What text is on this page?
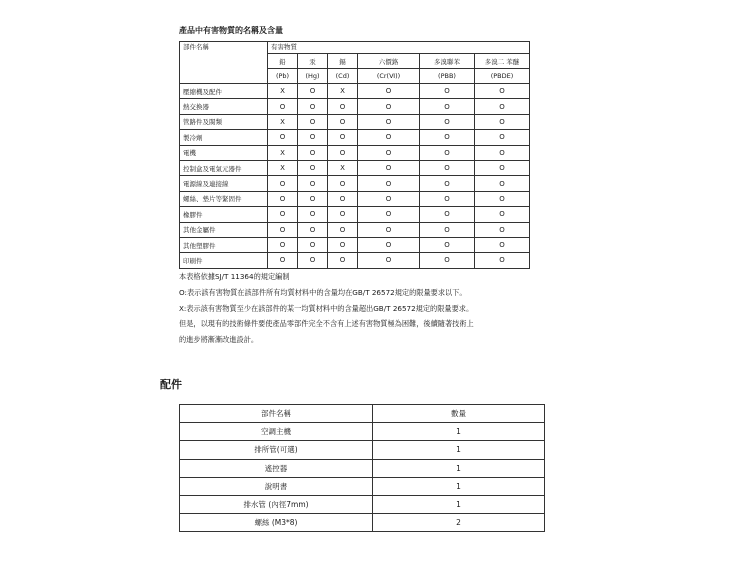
產品中有害物質的名稱及含量
部件名稱	有害物質					
	鉛	汞	鎘	六價鉻	多溴聯苯	多溴二 苯醚
	(Pb)	(Hg)	(Cd)	(Cr(Ⅵ))	(PBB)	(PBDE)
壓縮機及配件	X	O	X	O	O	O
熱交換器	O	O	O	O	O	O
管路件及閥類	X	O	O	O	O	O
製冷劑	O	O	O	O	O	O
電機	X	O	O	O	O	O
控制盒及電氣元器件	X	O	X	O	O	O
電源線及連接線	O	O	O	O	O	O
螺絲、墊片等緊固件	O	O	O	O	O	O
橡膠件	O	O	O	O	O	O
其他金屬件	O	O	O	O	O	O
其他塑膠件	O	O	O	O	O	O
印刷件	O	O	O	O	O	O
本表格依據SJ/T 11364的規定編制
O:表示該有害物質在該部件所有均質材料中的含量均在GB/T 26572規定的限量要求以下。
X:表示該有害物質至少在該部件的某一均質材料中的含量超出GB/T 26572規定的限量要求。
但是，以現有的技術條件要使產品零部件完全不含有上述有害物質極為困難，後續隨著技術上
的進步將漸漸改進設計。
配件
部件名稱	數量
空調主機	1
排所管(可選)	1
遙控器	1
說明書	1
排水管 (內徑7mm)	1
螺絲 (M3*8)	2
